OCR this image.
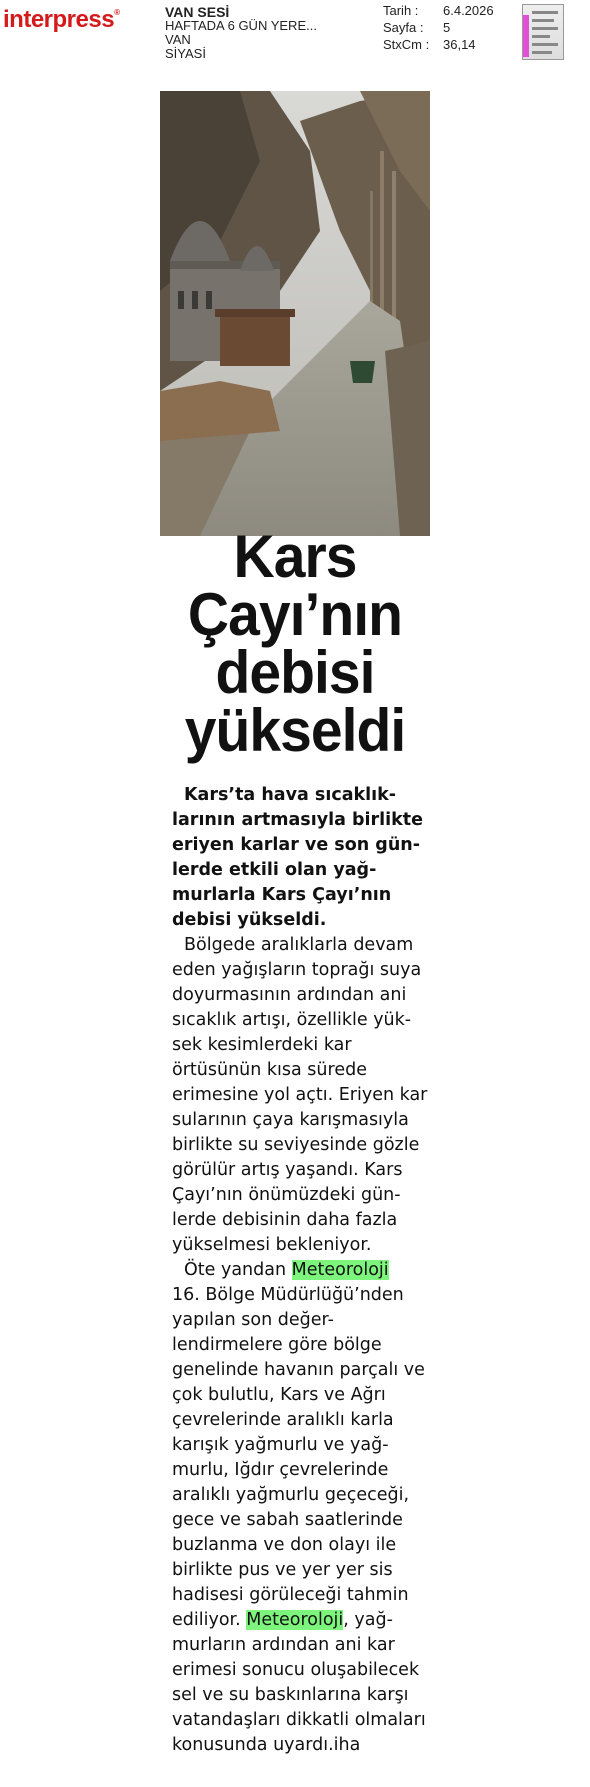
interpress®	VAN SESİ
HAFTADA 6 GÜN YERE...
VAN
SİYASİ
Tarih :	6.4.2026
Sayfa :	5
StxCm :	36,14
Kars
Çayı’nın
debisi
yükseldi

Kars’ta hava sıcaklık-
larının artmasıyla birlikte
eriyen karlar ve son gün-
lerde etkili olan yağ-
murlarla Kars Çayı’nın
debisi yükseldi.

Bölgede aralıklarla devam
eden yağışların toprağı suya
doyurmasının ardından ani
sıcaklık artışı, özellikle yük-
sek kesimlerdeki kar
örtüsünün kısa sürede
erimesine yol açtı. Eriyen kar
sularının çaya karışmasıyla
birlikte su seviyesinde gözle
görülür artış yaşandı. Kars
Çayı’nın önümüzdeki gün-
lerde debisinin daha fazla
yükselmesi bekleniyor.

Öte yandan Meteoroloji
16. Bölge Müdürlüğü’nden
yapılan son değer-
lendirmelere göre bölge
genelinde havanın parçalı ve
çok bulutlu, Kars ve Ağrı
çevrelerinde aralıklı karla
karışık yağmurlu ve yağ-
murlu, Iğdır çevrelerinde
aralıklı yağmurlu geçeceği,
gece ve sabah saatlerinde
buzlanma ve don olayı ile
birlikte pus ve yer yer sis
hadisesi görüleceği tahmin
ediliyor. Meteoroloji, yağ-
murların ardından ani kar
erimesi sonucu oluşabilecek
sel ve su baskınlarına karşı
vatandaşları dikkatli olmaları
konusunda uyardı.iha
